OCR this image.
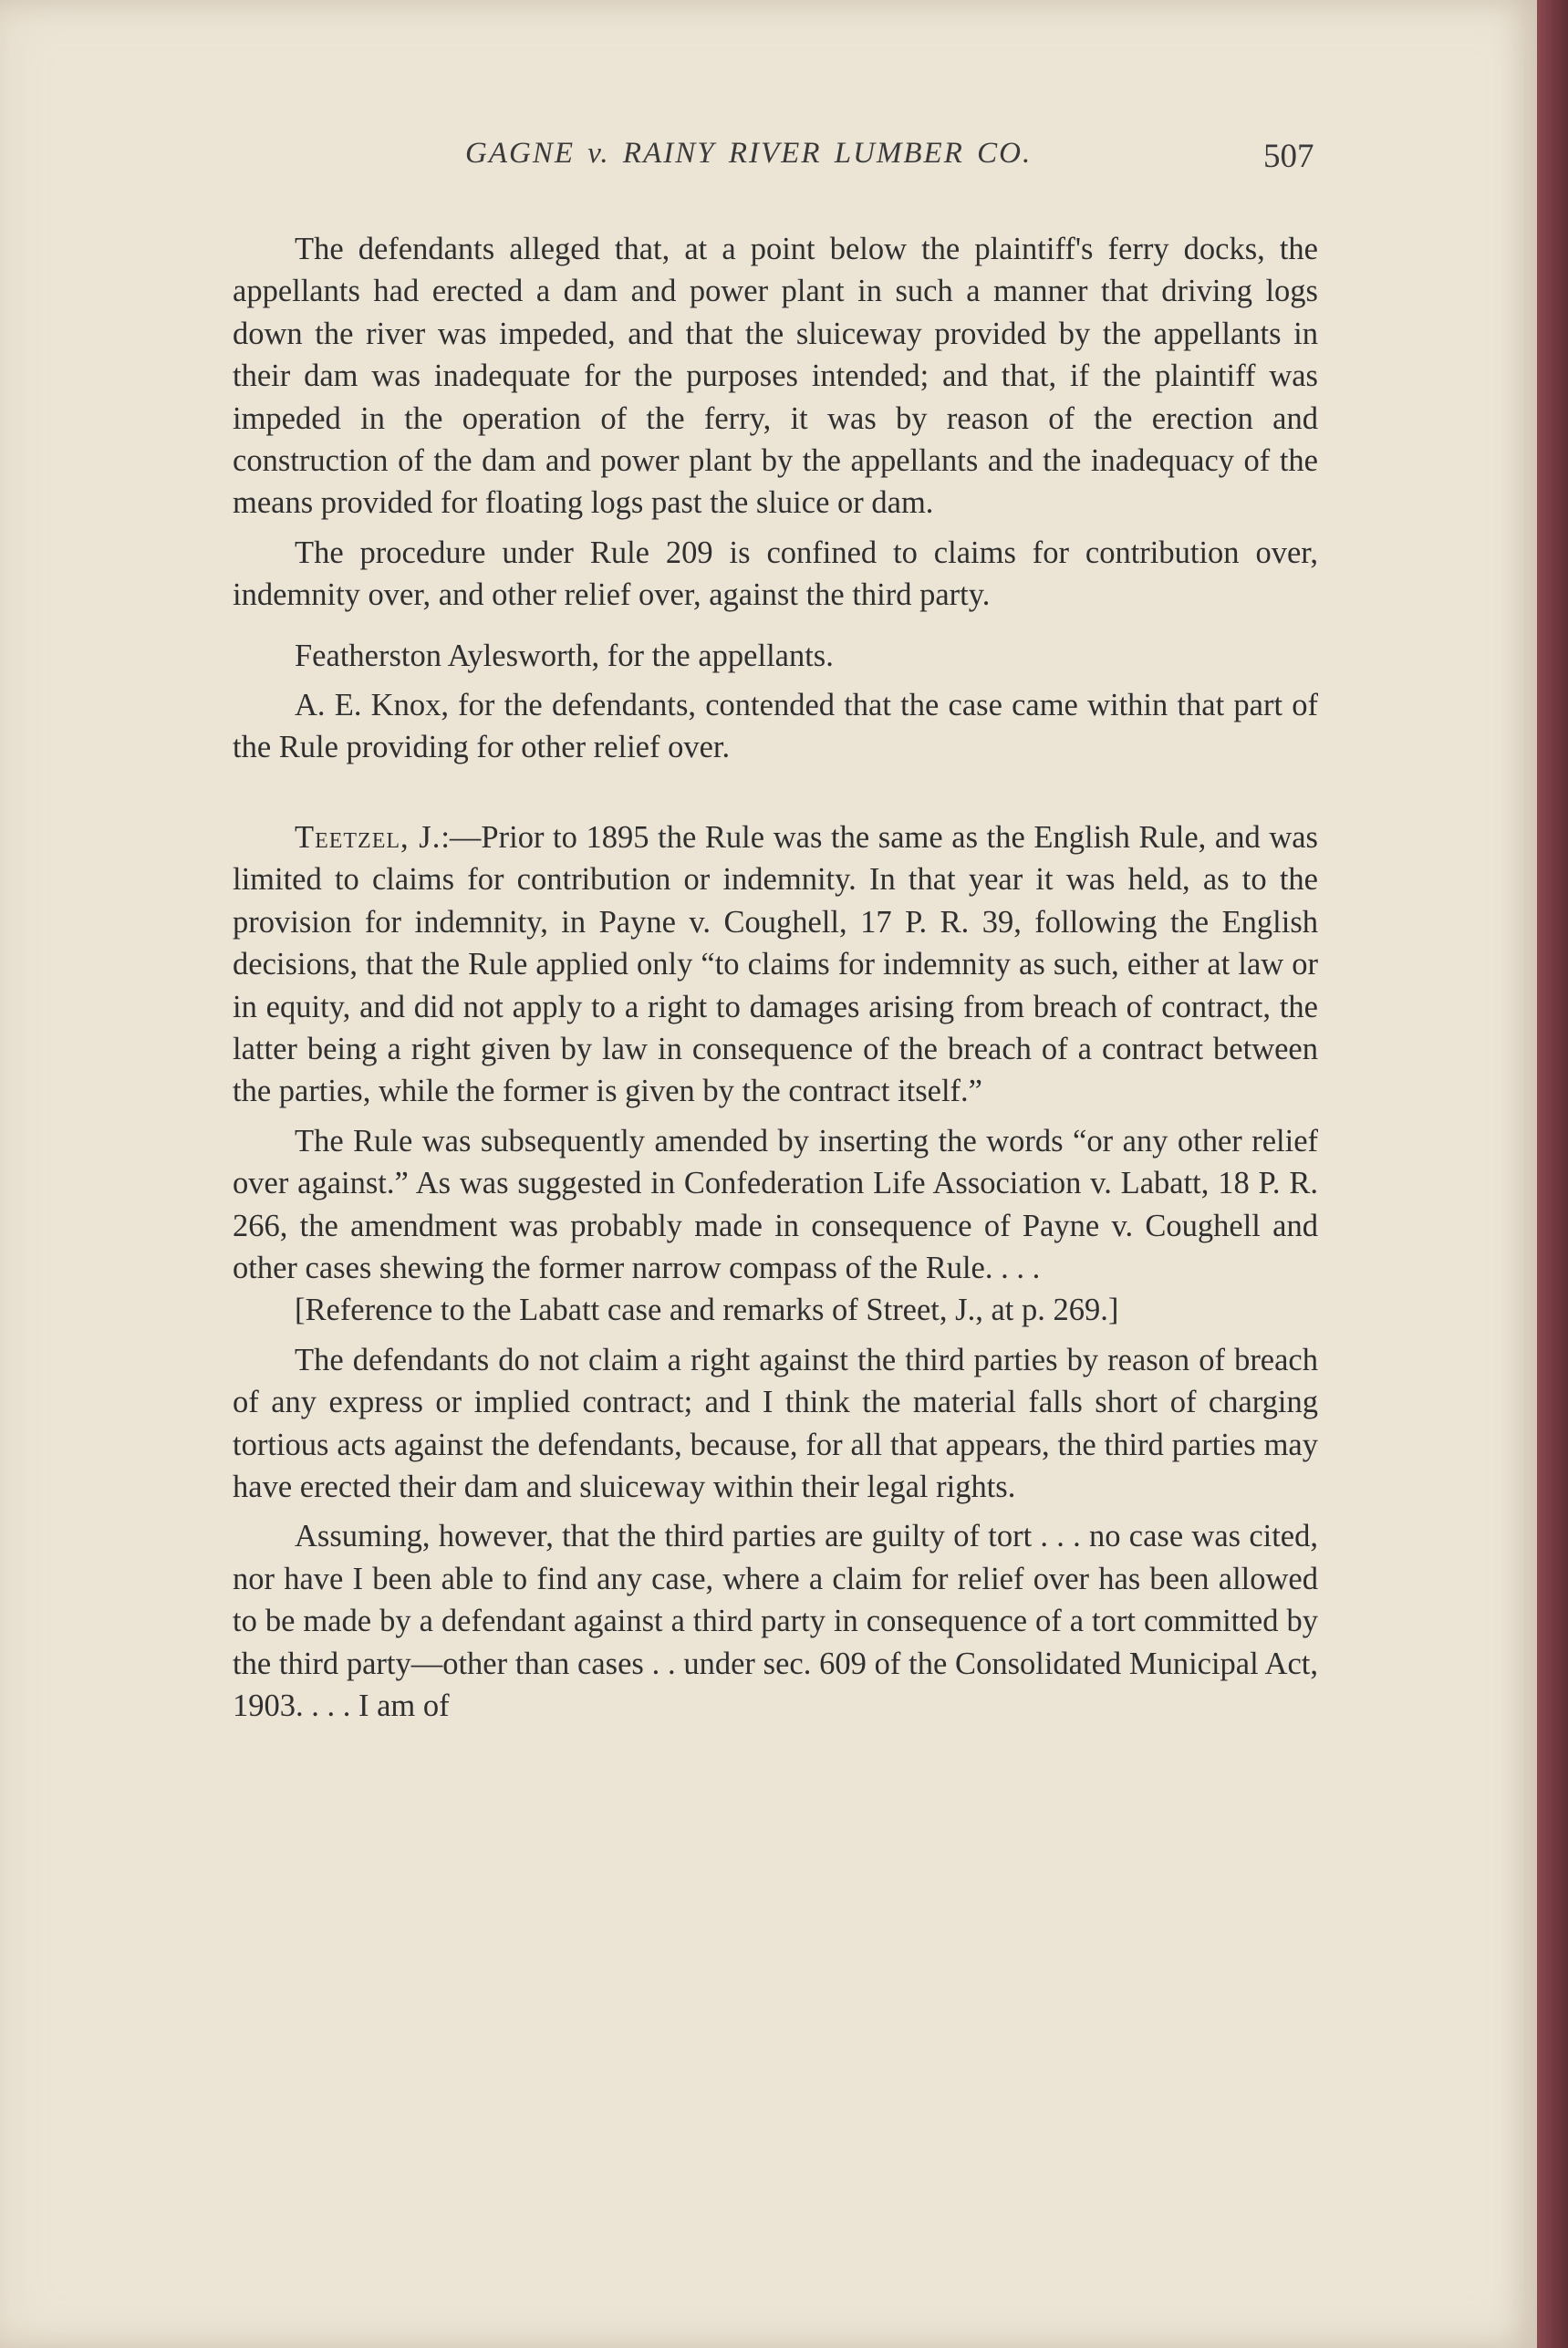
GAGNE v. RAINY RIVER LUMBER CO.	507

The defendants alleged that, at a point below the plaintiff's ferry docks, the appellants had erected a dam and power plant in such a manner that driving logs down the river was impeded, and that the sluiceway provided by the appellants in their dam was inadequate for the purposes intended; and that, if the plaintiff was impeded in the operation of the ferry, it was by reason of the erection and construction of the dam and power plant by the appellants and the inadequacy of the means provided for floating logs past the sluice or dam.

The procedure under Rule 209 is confined to claims for contribution over, indemnity over, and other relief over, against the third party.

Featherston Aylesworth, for the appellants.

A. E. Knox, for the defendants, contended that the case came within that part of the Rule providing for other relief over.

Teetzel, J.:—Prior to 1895 the Rule was the same as the English Rule, and was limited to claims for contribution or indemnity. In that year it was held, as to the provision for indemnity, in Payne v. Coughell, 17 P. R. 39, following the English decisions, that the Rule applied only “to claims for indemnity as such, either at law or in equity, and did not apply to a right to damages arising from breach of contract, the latter being a right given by law in consequence of the breach of a contract between the parties, while the former is given by the contract itself.”

The Rule was subsequently amended by inserting the words “or any other relief over against.” As was suggested in Confederation Life Association v. Labatt, 18 P. R. 266, the amendment was probably made in consequence of Payne v. Coughell and other cases shewing the former narrow compass of the Rule. . . .

[Reference to the Labatt case and remarks of Street, J., at p. 269.]

The defendants do not claim a right against the third parties by reason of breach of any express or implied contract; and I think the material falls short of charging tortious acts against the defendants, because, for all that appears, the third parties may have erected their dam and sluiceway within their legal rights.

Assuming, however, that the third parties are guilty of tort . . . no case was cited, nor have I been able to find any case, where a claim for relief over has been allowed to be made by a defendant against a third party in consequence of a tort committed by the third party—other than cases . . under sec. 609 of the Consolidated Municipal Act, 1903. . . . I am of
